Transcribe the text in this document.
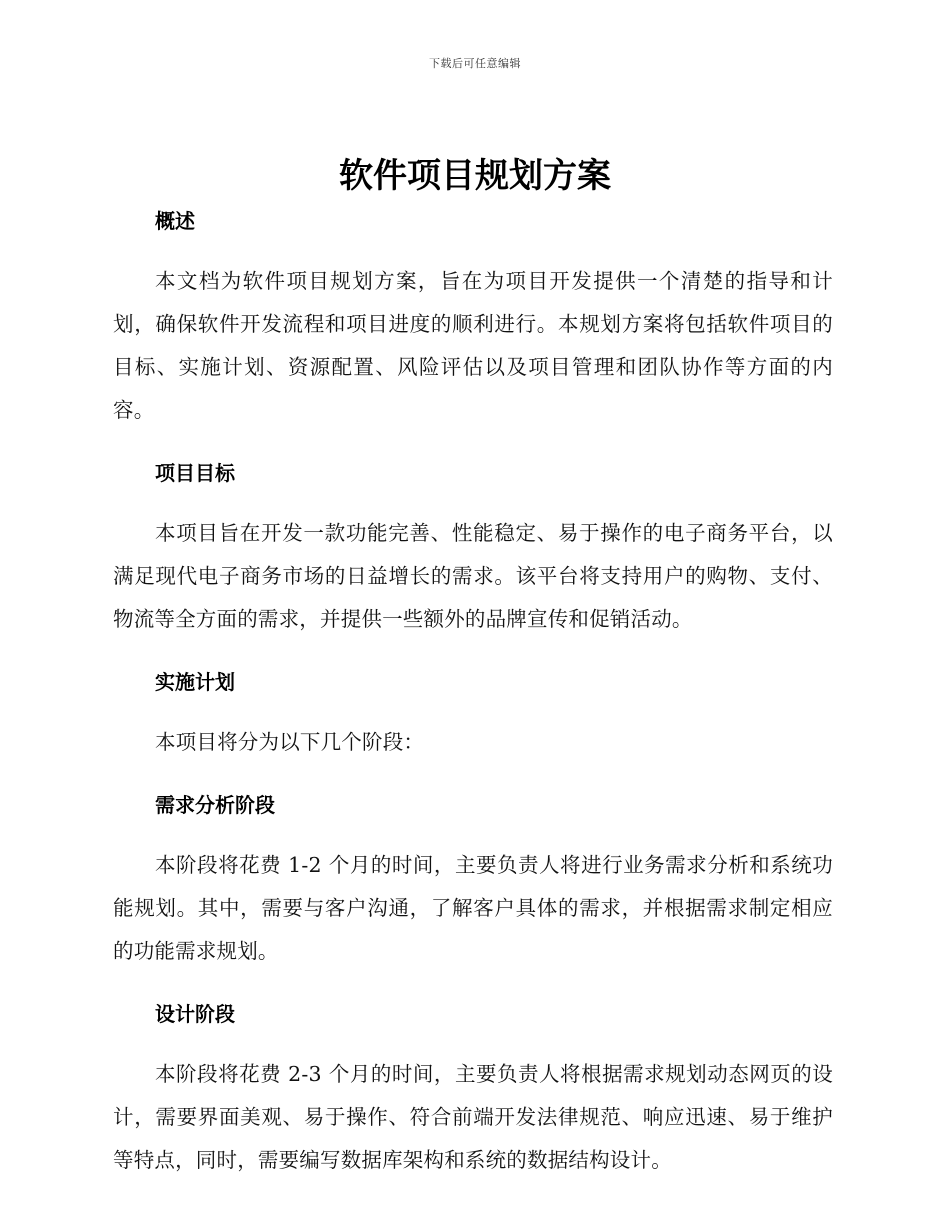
下载后可任意编辑
软件项目规划方案
概述

本文档为软件项目规划方案，旨在为项目开发提供一个清楚的指导和计划，确保软件开发流程和项目进度的顺利进行。本规划方案将包括软件项目的目标、实施计划、资源配置、风险评估以及项目管理和团队协作等方面的内容。

项目目标

本项目旨在开发一款功能完善、性能稳定、易于操作的电子商务平台，以满足现代电子商务市场的日益增长的需求。该平台将支持用户的购物、支付、物流等全方面的需求，并提供一些额外的品牌宣传和促销活动。

实施计划

本项目将分为以下几个阶段：

需求分析阶段

本阶段将花费 1-2 个月的时间，主要负责人将进行业务需求分析和系统功能规划。其中，需要与客户沟通，了解客户具体的需求，并根据需求制定相应的功能需求规划。

设计阶段

本阶段将花费 2-3 个月的时间，主要负责人将根据需求规划动态网页的设计，需要界面美观、易于操作、符合前端开发法律规范、响应迅速、易于维护等特点，同时，需要编写数据库架构和系统的数据结构设计。
